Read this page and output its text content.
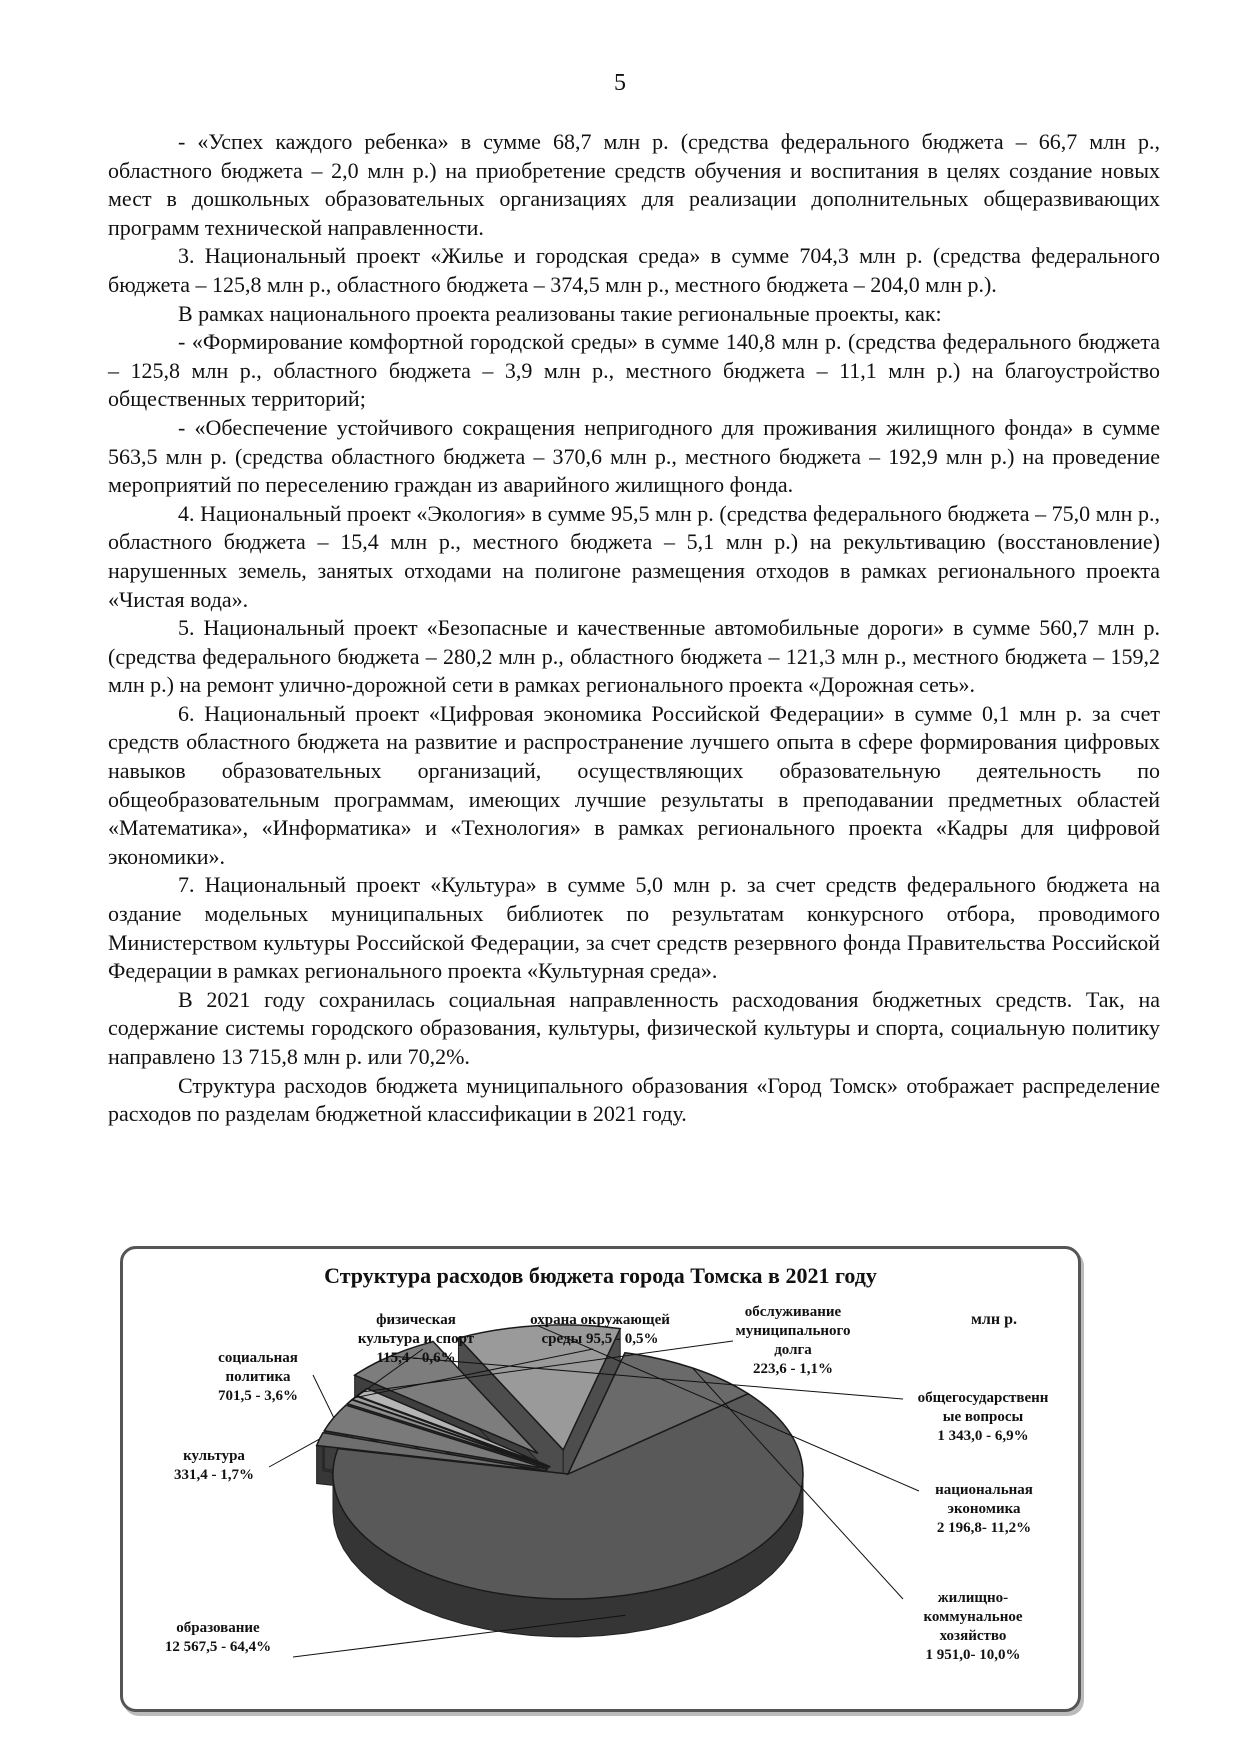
5

- «Успех каждого ребенка» в сумме 68,7 млн р. (средства федерального бюджета – 66,7 млн р., областного бюджета – 2,0 млн р.) на приобретение средств обучения и воспитания в целях создание новых мест в дошкольных образовательных организациях для реализации дополнительных общеразвивающих программ технической направленности.

3. Национальный проект «Жилье и городская среда» в сумме 704,3 млн р. (средства федерального бюджета – 125,8 млн р., областного бюджета – 374,5 млн р., местного бюджета – 204,0 млн р.).

В рамках национального проекта реализованы такие региональные проекты, как:

- «Формирование комфортной городской среды» в сумме 140,8 млн р. (средства федерального бюджета – 125,8 млн р., областного бюджета – 3,9 млн р., местного бюджета – 11,1 млн р.) на благоустройство общественных территорий;

- «Обеспечение устойчивого сокращения непригодного для проживания жилищного фонда» в сумме 563,5 млн р. (средства областного бюджета – 370,6 млн р., местного бюджета – 192,9 млн р.) на проведение мероприятий по переселению граждан из аварийного жилищного фонда.

4. Национальный проект «Экология» в сумме 95,5 млн р. (средства федерального бюджета – 75,0 млн р., областного бюджета – 15,4 млн р., местного бюджета – 5,1 млн р.) на рекультивацию (восстановление) нарушенных земель, занятых отходами на полигоне размещения отходов в рамках регионального проекта «Чистая вода».

5. Национальный проект «Безопасные и качественные автомобильные дороги» в сумме 560,7 млн р. (средства федерального бюджета – 280,2 млн р., областного бюджета – 121,3 млн р., местного бюджета – 159,2 млн р.) на ремонт улично-дорожной сети в рамках регионального проекта «Дорожная сеть».

6. Национальный проект «Цифровая экономика Российской Федерации» в сумме 0,1 млн р. за счет средств областного бюджета на развитие и распространение лучшего опыта в сфере формирования цифровых навыков образовательных организаций, осуществляющих образовательную деятельность по общеобразовательным программам, имеющих лучшие результаты в преподавании предметных областей «Математика», «Информатика» и «Технология» в рамках регионального проекта «Кадры для цифровой экономики».

7. Национальный проект «Культура» в сумме 5,0 млн р. за счет средств федерального бюджета на оздание модельных муниципальных библиотек по результатам конкурсного отбора, проводимого Министерством культуры Российской Федерации, за счет средств резервного фонда Правительства Российской Федерации в рамках регионального проекта «Культурная среда».

В 2021 году сохранилась социальная направленность расходования бюджетных средств. Так, на содержание системы городского образования, культуры, физической культуры и спорта, социальную политику направлено 13 715,8 млн р. или 70,2%.

Структура расходов бюджета муниципального образования «Город Томск» отображает распределение расходов по разделам бюджетной классификации в 2021 году.

Структура расходов бюджета города Томска в 2021 году
млн р.
образование
12 567,5 - 64,4%
культура
331,4 - 1,7%
социальная
политика
701,5 - 3,6%
физическая
культура и спорт
115,4 - 0,6%
охрана окружающей
среды 95,5 - 0,5%
обслуживание
муниципального
долга
223,6 - 1,1%
общегосударственн
ые вопросы
1 343,0 - 6,9%
национальная
экономика
2 196,8- 11,2%
жилищно-
коммунальное
хозяйство
1 951,0- 10,0%
